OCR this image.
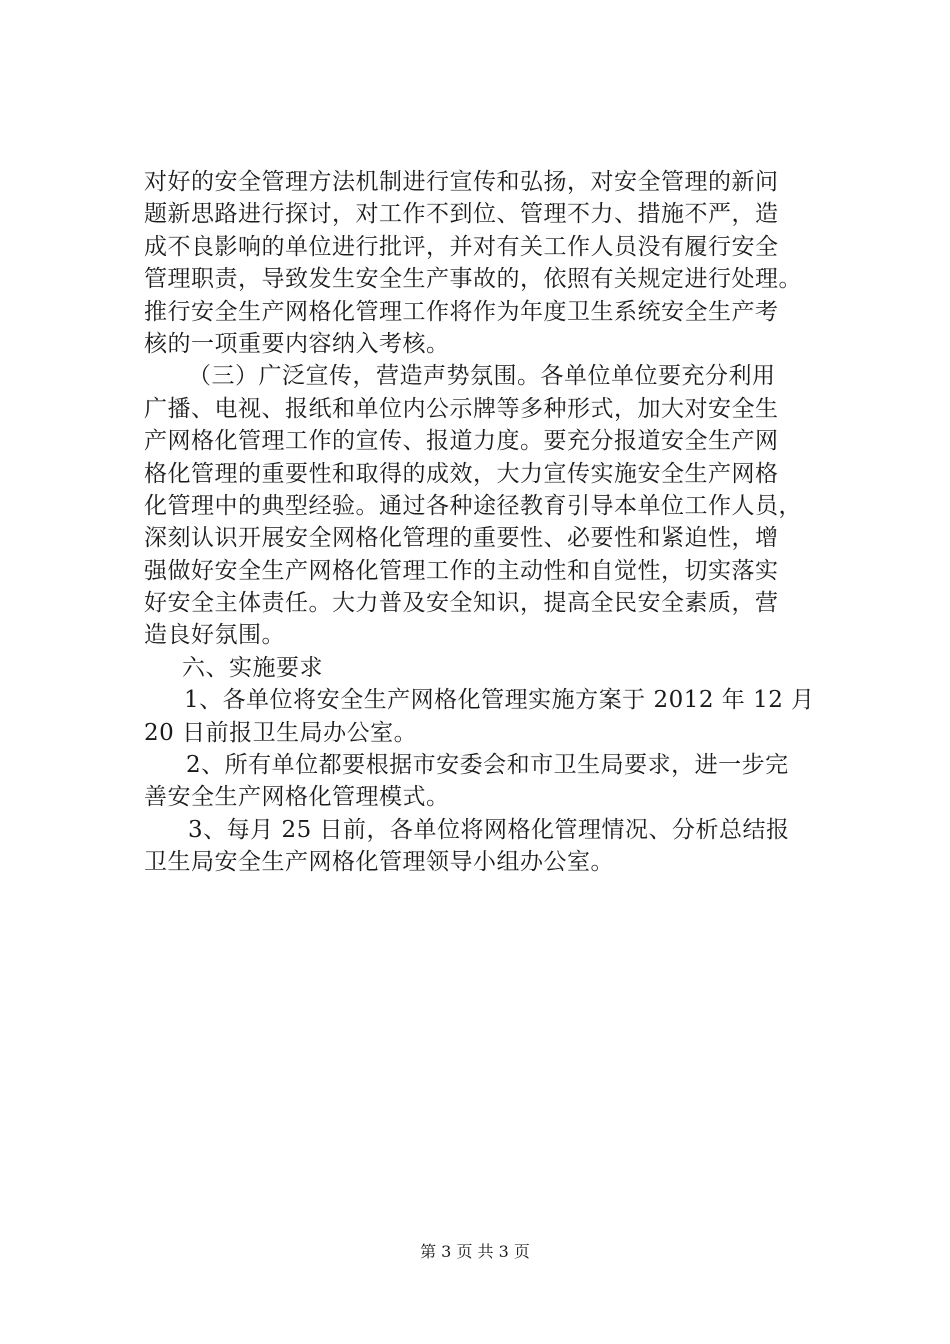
对好的安全管理方法机制进行宣传和弘扬，对安全管理的新问
题新思路进行探讨，对工作不到位、管理不力、措施不严，造
成不良影响的单位进行批评，并对有关工作人员没有履行安全
管理职责，导致发生安全生产事故的，依照有关规定进行处理。
推行安全生产网格化管理工作将作为年度卫生系统安全生产考
核的一项重要内容纳入考核。
（三）广泛宣传，营造声势氛围。各单位单位要充分利用
广播、电视、报纸和单位内公示牌等多种形式，加大对安全生
产网格化管理工作的宣传、报道力度。要充分报道安全生产网
格化管理的重要性和取得的成效，大力宣传实施安全生产网格
化管理中的典型经验。通过各种途径教育引导本单位工作人员，
深刻认识开展安全网格化管理的重要性、必要性和紧迫性，增
强做好安全生产网格化管理工作的主动性和自觉性，切实落实
好安全主体责任。大力普及安全知识，提高全民安全素质，营
造良好氛围。
六、实施要求
1、各单位将安全生产网格化管理实施方案于 2012 年 12 月
20 日前报卫生局办公室。
2、所有单位都要根据市安委会和市卫生局要求，进一步完
善安全生产网格化管理模式。
3、每月 25 日前，各单位将网格化管理情况、分析总结报
卫生局安全生产网格化管理领导小组办公室。
第 3 页 共 3 页
